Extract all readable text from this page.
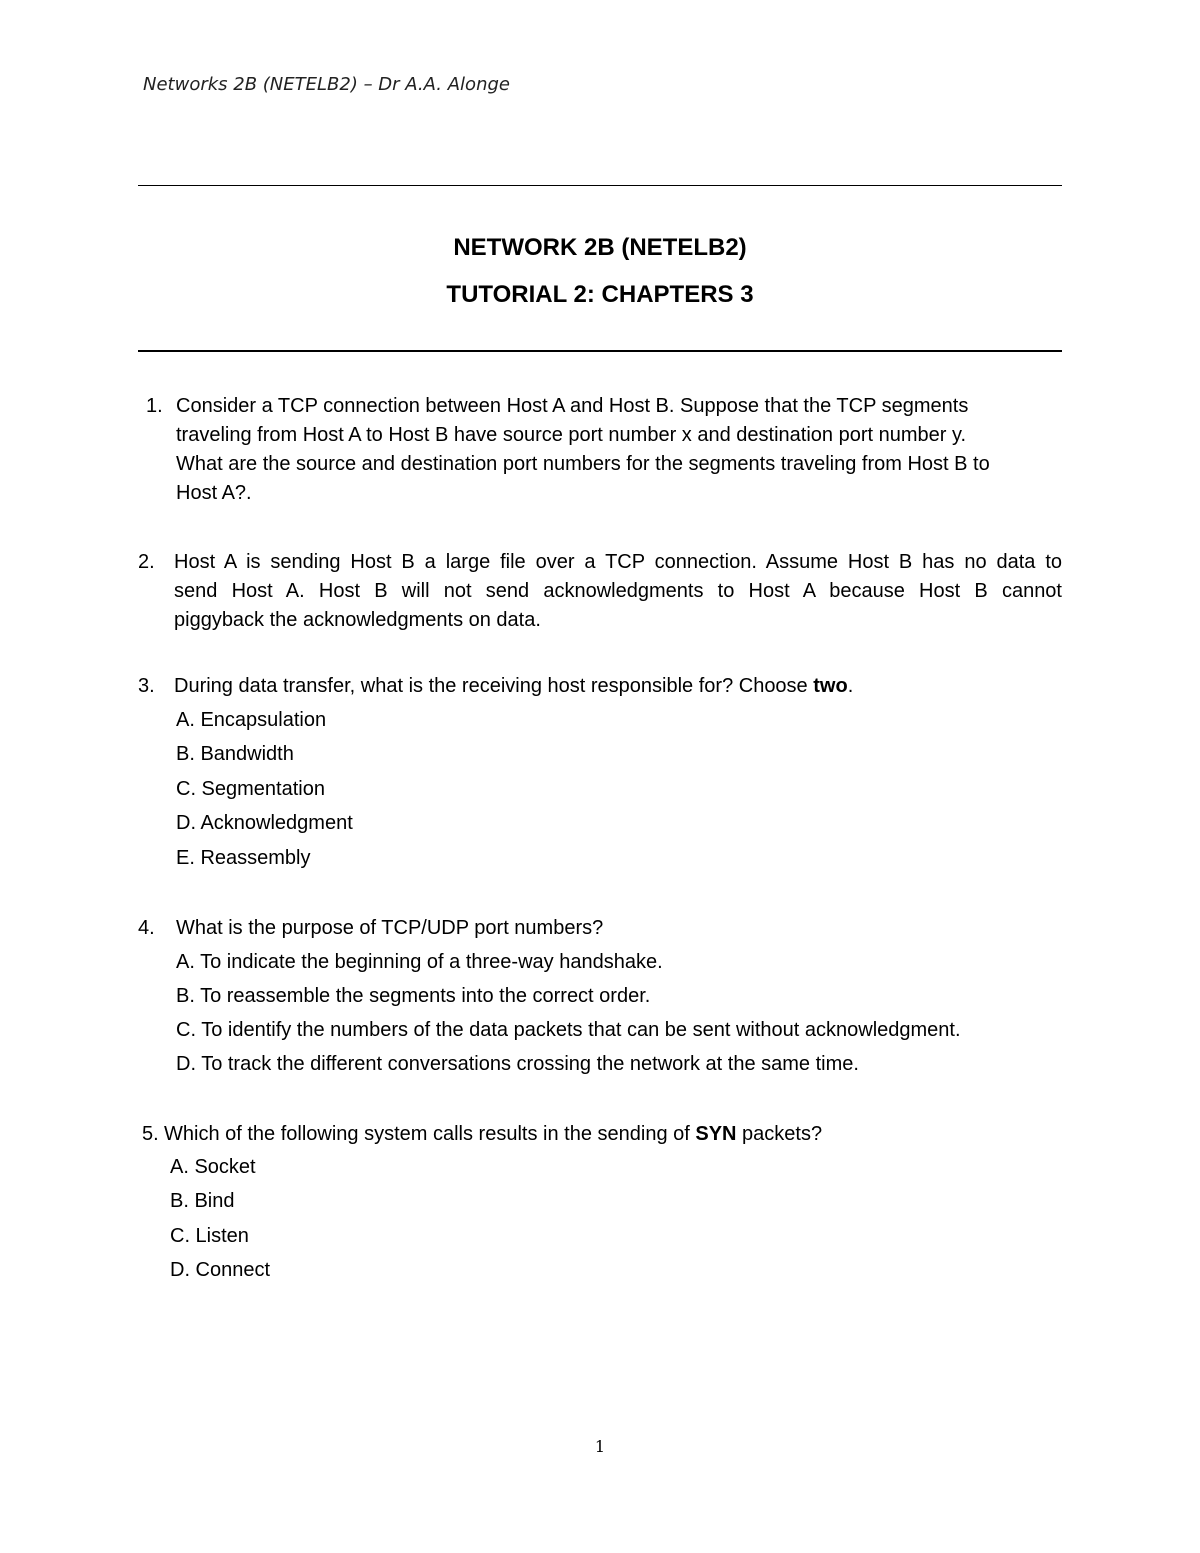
Networks 2B (NETELB2) – Dr A.A. Alonge
NETWORK 2B (NETELB2)
TUTORIAL 2: CHAPTERS 3
1. Consider a TCP connection between Host A and Host B. Suppose that the TCP segments
traveling from Host A to Host B have source port number x and destination port number y.
What are the source and destination port numbers for the segments traveling from Host B to
Host A?.
2. Host A is sending Host B a large file over a TCP connection. Assume Host B has no data to
send Host A. Host B will not send acknowledgments to Host A because Host B cannot
piggyback the acknowledgments on data.
3. During data transfer, what is the receiving host responsible for? Choose two.
A. Encapsulation
B. Bandwidth
C. Segmentation
D. Acknowledgment
E. Reassembly
4. What is the purpose of TCP/UDP port numbers?
A. To indicate the beginning of a three-way handshake.
B. To reassemble the segments into the correct order.
C. To identify the numbers of the data packets that can be sent without acknowledgment.
D. To track the different conversations crossing the network at the same time.
5. Which of the following system calls results in the sending of SYN packets?
A. Socket
B. Bind
C. Listen
D. Connect
1
